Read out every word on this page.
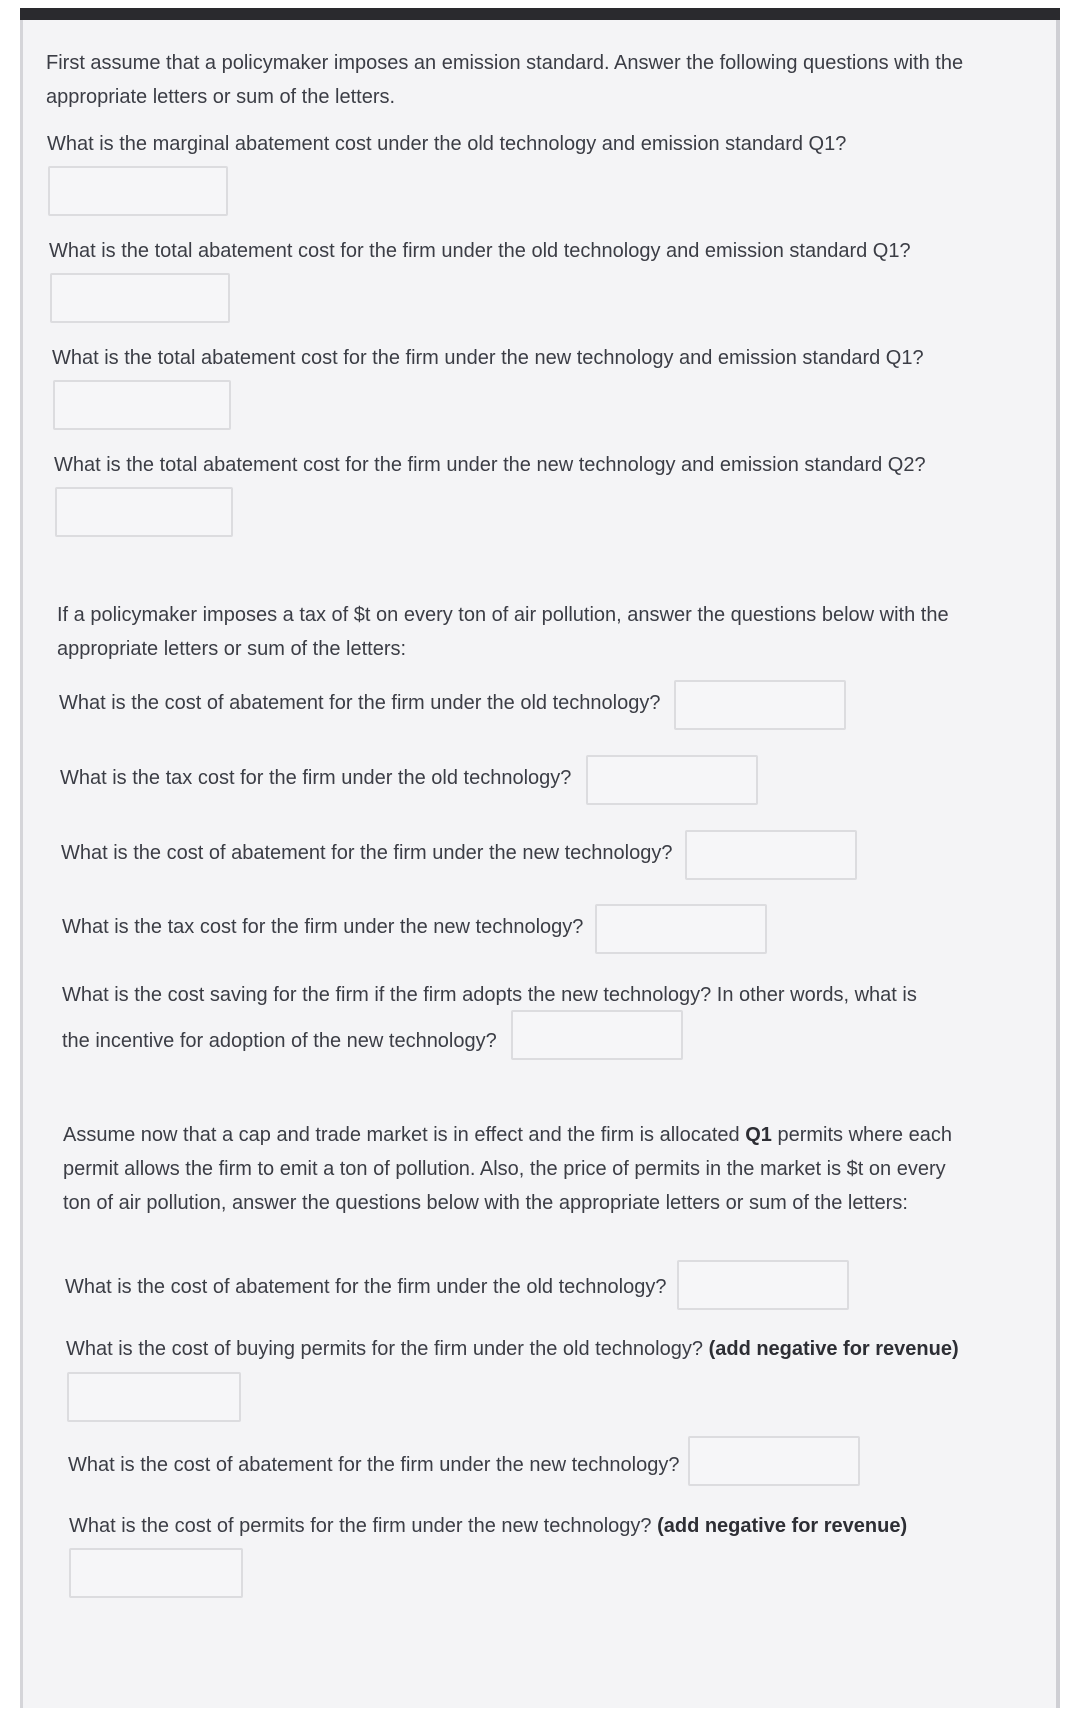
First assume that a policymaker imposes an emission standard. Answer the following questions with the appropriate letters or sum of the letters.

What is the marginal abatement cost under the old technology and emission standard Q1?

What is the total abatement cost for the firm under the old technology and emission standard Q1?

What is the total abatement cost for the firm under the new technology and emission standard Q1?

What is the total abatement cost for the firm under the new technology and emission standard Q2?

If a policymaker imposes a tax of $t on every ton of air pollution, answer the questions below with the appropriate letters or sum of the letters:

What is the cost of abatement for the firm under the old technology?

What is the tax cost for the firm under the old technology?

What is the cost of abatement for the firm under the new technology?

What is the tax cost for the firm under the new technology?

What is the cost saving for the firm if the firm adopts the new technology? In other words, what is the incentive for adoption of the new technology?

Assume now that a cap and trade market is in effect and the firm is allocated Q1 permits where each permit allows the firm to emit a ton of pollution. Also, the price of permits in the market is $t on every ton of air pollution, answer the questions below with the appropriate letters or sum of the letters:

What is the cost of abatement for the firm under the old technology?

What is the cost of buying permits for the firm under the old technology? (add negative for revenue)

What is the cost of abatement for the firm under the new technology?

What is the cost of permits for the firm under the new technology? (add negative for revenue)
